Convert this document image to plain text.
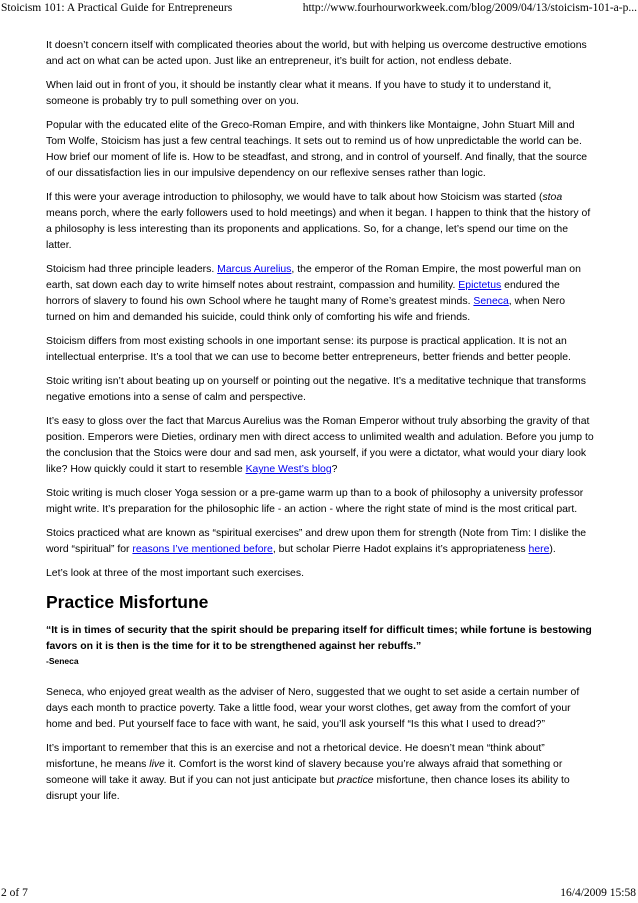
Stoicism 101: A Practical Guide for Entrepreneurs	http://www.fourhourworkweek.com/blog/2009/04/13/stoicism-101-a-p...

It doesn’t concern itself with complicated theories about the world, but with helping us overcome destructive emotions and act on what can be acted upon. Just like an entrepreneur, it’s built for action, not endless debate.

When laid out in front of you, it should be instantly clear what it means. If you have to study it to understand it, someone is probably try to pull something over on you.

Popular with the educated elite of the Greco-Roman Empire, and with thinkers like Montaigne, John Stuart Mill and Tom Wolfe, Stoicism has just a few central teachings. It sets out to remind us of how unpredictable the world can be. How brief our moment of life is. How to be steadfast, and strong, and in control of yourself. And finally, that the source of our dissatisfaction lies in our impulsive dependency on our reflexive senses rather than logic.

If this were your average introduction to philosophy, we would have to talk about how Stoicism was started (stoa means porch, where the early followers used to hold meetings) and when it began. I happen to think that the history of a philosophy is less interesting than its proponents and applications. So, for a change, let’s spend our time on the latter.

Stoicism had three principle leaders. Marcus Aurelius, the emperor of the Roman Empire, the most powerful man on earth, sat down each day to write himself notes about restraint, compassion and humility. Epictetus endured the horrors of slavery to found his own School where he taught many of Rome’s greatest minds. Seneca, when Nero turned on him and demanded his suicide, could think only of comforting his wife and friends.

Stoicism differs from most existing schools in one important sense: its purpose is practical application. It is not an intellectual enterprise. It’s a tool that we can use to become better entrepreneurs, better friends and better people.

Stoic writing isn’t about beating up on yourself or pointing out the negative. It’s a meditative technique that transforms negative emotions into a sense of calm and perspective.

It’s easy to gloss over the fact that Marcus Aurelius was the Roman Emperor without truly absorbing the gravity of that position. Emperors were Dieties, ordinary men with direct access to unlimited wealth and adulation. Before you jump to the conclusion that the Stoics were dour and sad men, ask yourself, if you were a dictator, what would your diary look like? How quickly could it start to resemble Kayne West’s blog?

Stoic writing is much closer Yoga session or a pre-game warm up than to a book of philosophy a university professor might write. It’s preparation for the philosophic life - an action - where the right state of mind is the most critical part.

Stoics practiced what are known as “spiritual exercises” and drew upon them for strength (Note from Tim: I dislike the word “spiritual” for reasons I’ve mentioned before, but scholar Pierre Hadot explains it’s appropriateness here).

Let’s look at three of the most important such exercises.

Practice Misfortune
“It is in times of security that the spirit should be preparing itself for difficult times; while fortune is bestowing favors on it is then is the time for it to be strengthened against her rebuffs.”
-Seneca

Seneca, who enjoyed great wealth as the adviser of Nero, suggested that we ought to set aside a certain number of days each month to practice poverty. Take a little food, wear your worst clothes, get away from the comfort of your home and bed. Put yourself face to face with want, he said, you’ll ask yourself “Is this what I used to dread?”

It’s important to remember that this is an exercise and not a rhetorical device. He doesn’t mean “think about” misfortune, he means live it. Comfort is the worst kind of slavery because you’re always afraid that something or someone will take it away. But if you can not just anticipate but practice misfortune, then chance loses its ability to disrupt your life.

2 of 7	16/4/2009 15:58
